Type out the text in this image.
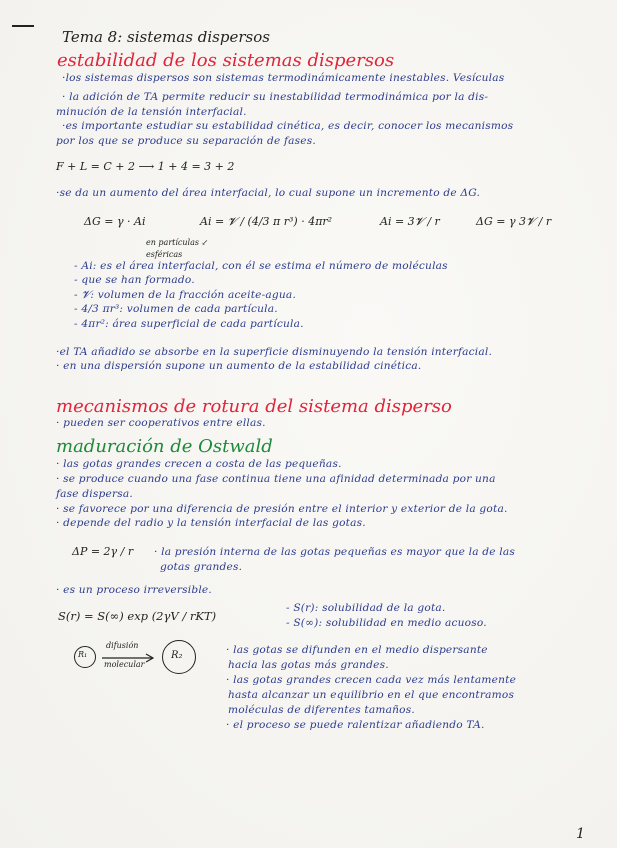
Tema 8: sistemas dispersos
estabilidad de los sistemas dispersos
·los sistemas dispersos son sistemas termodinámicamente inestables. Vesículas
· la adición de TA permite reducir su inestabilidad termodinámica por la dis-
minución de la tensión interfacial.
·es importante estudiar su estabilidad cinética, es decir, conocer los mecanismos
por los que se produce su separación de fases.
F + L = C + 2 ⟶ 1 + 4 = 3 + 2
·se da un aumento del área interfacial, lo cual supone un incremento de ΔG.
ΔG = γ · Ai	Ai = 𝓥 / (4/3 π r³) · 4πr²	Ai = 3𝓥 / r	ΔG = γ 3𝓥 / r
en partículas ↙ esféricas
- Ai: es el área interfacial, con él se estima el número de moléculas
- que se han formado.
- 𝓥: volumen de la fracción aceite-agua.
- 4/3 πr³: volumen de cada partícula.
- 4πr²: área superficial de cada partícula.
·el TA añadido se absorbe en la superficie disminuyendo la tensión interfacial.
· en una dispersión supone un aumento de la estabilidad cinética.
mecanismos de rotura del sistema disperso
· pueden ser cooperativos entre ellas.
maduración de Ostwald
· las gotas grandes crecen a costa de las pequeñas.
· se produce cuando una fase continua tiene una afinidad determinada por una
fase dispersa.
· se favorece por una diferencia de presión entre el interior y exterior de la gota.
· depende del radio y la tensión interfacial de las gotas.
ΔP = 2γ / r · la presión interna de las gotas pequeñas es mayor que la de las
gotas grandes.
· es un proceso irreversible.
S(r) = S(∞) exp (2γV / rKT)
- S(r): solubilidad de la gota.
- S(∞): solubilidad en medio acuoso.
R₁
difusión
molecular
R₂	· las gotas se difunden en el medio dispersante
hacia las gotas más grandes.
· las gotas grandes crecen cada vez más lentamente
hasta alcanzar un equilibrio en el que encontramos
moléculas de diferentes tamaños.
· el proceso se puede ralentizar añadiendo TA.
1
